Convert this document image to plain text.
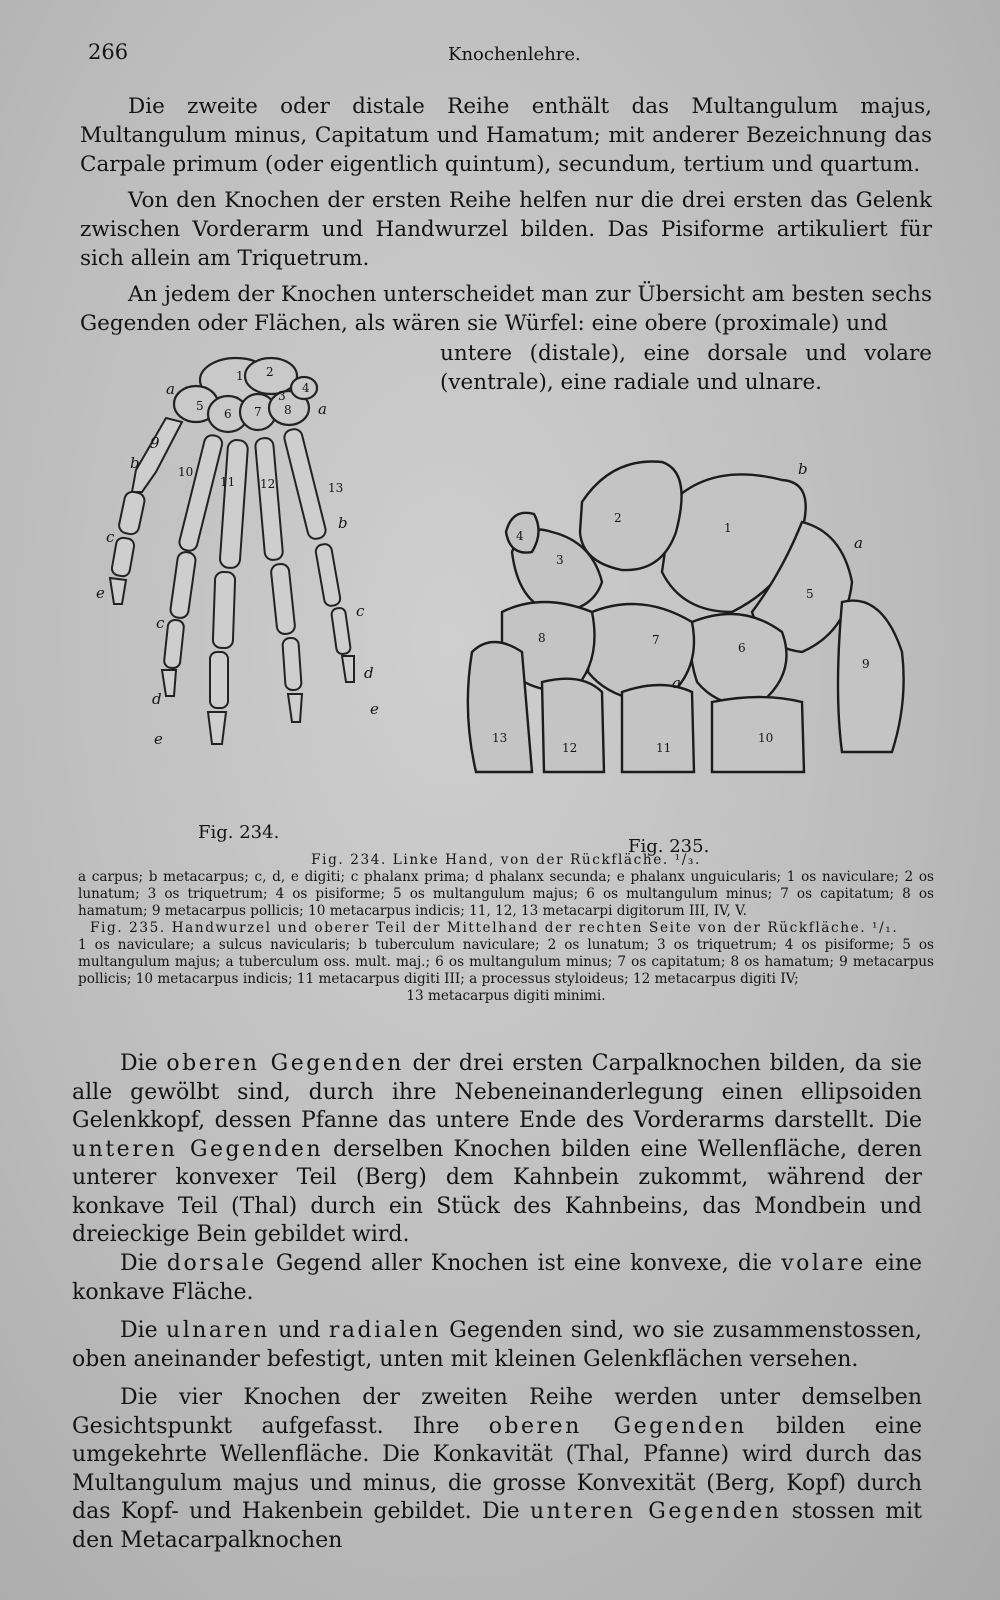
266	Knochenlehre.

Die zweite oder distale Reihe enthält das Multangulum majus, Multangulum minus, Capitatum und Hamatum; mit anderer Bezeichnung das Carpale primum (oder eigentlich quintum), secundum, tertium und quartum.

Von den Knochen der ersten Reihe helfen nur die drei ersten das Gelenk zwischen Vorderarm und Handwurzel bilden. Das Pisiforme artikuliert für sich allein am Triquetrum.

An jedem der Knochen unterscheidet man zur Übersicht am besten sechs Gegenden oder Flächen, als wären sie Würfel: eine obere (proximale) und

untere (distale), eine dorsale und volare (ventrale), eine radiale und ulnare.

a
b
c
c
e
a
b
c
d
e
d
e
9
1 2
3
4
5
6 7 8
10
11 12	13
b
a
a
1
2
3
4
5
6
7
8
9
10
11
12
13
Fig. 234.
Fig. 235.

Fig. 234. Linke Hand, von der Rückfläche. ¹/₃.

a carpus; b metacarpus; c, d, e digiti; c phalanx prima; d phalanx secunda; e phalanx unguicularis; 1 os naviculare; 2 os lunatum; 3 os triquetrum; 4 os pisiforme; 5 os multangulum majus; 6 os multangulum minus; 7 os capitatum; 8 os hamatum; 9 metacarpus pollicis; 10 metacarpus indicis; 11, 12, 13 metacarpi digitorum III, IV, V.

Fig. 235. Handwurzel und oberer Teil der Mittelhand der rechten Seite von der Rückfläche. ¹/₁.

1 os naviculare; a sulcus navicularis; b tuberculum naviculare; 2 os lunatum; 3 os triquetrum; 4 os pisiforme; 5 os multangulum majus; a tuberculum oss. mult. maj.; 6 os multangulum minus; 7 os capitatum; 8 os hamatum; 9 metacarpus pollicis; 10 metacarpus indicis; 11 metacarpus digiti III; a processus styloideus; 12 metacarpus digiti IV;

13 metacarpus digiti minimi.

Die oberen Gegenden der drei ersten Carpalknochen bilden, da sie alle gewölbt sind, durch ihre Nebeneinanderlegung einen ellipsoiden Gelenkkopf, dessen Pfanne das untere Ende des Vorderarms darstellt. Die unteren Gegenden derselben Knochen bilden eine Wellenfläche, deren unterer konvexer Teil (Berg) dem Kahnbein zukommt, während der konkave Teil (Thal) durch ein Stück des Kahnbeins, das Mondbein und dreieckige Bein gebildet wird.

Die dorsale Gegend aller Knochen ist eine konvexe, die volare eine konkave Fläche.

Die ulnaren und radialen Gegenden sind, wo sie zusammenstossen, oben aneinander befestigt, unten mit kleinen Gelenkflächen versehen.

Die vier Knochen der zweiten Reihe werden unter demselben Gesichtspunkt aufgefasst. Ihre oberen Gegenden bilden eine umgekehrte Wellenfläche. Die Konkavität (Thal, Pfanne) wird durch das Multangulum majus und minus, die grosse Konvexität (Berg, Kopf) durch das Kopf- und Hakenbein gebildet. Die unteren Gegenden stossen mit den Metacarpalknochen
